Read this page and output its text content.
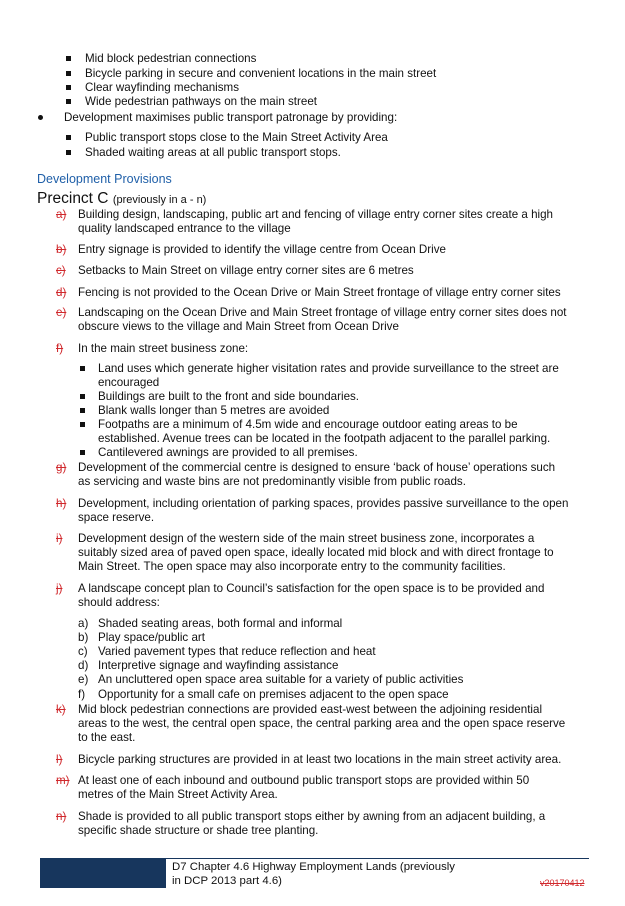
Mid block pedestrian connections
Bicycle parking in secure and convenient locations in the main street
Clear wayfinding mechanisms
Wide pedestrian pathways on the main street
Development maximises public transport patronage by providing:
Public transport stops close to the Main Street Activity Area
Shaded waiting areas at all public transport stops.
Development Provisions
Precinct C (previously in a - n)
a) Building design, landscaping, public art and fencing of village entry corner sites create a high
quality landscaped entrance to the village
b) Entry signage is provided to identify the village centre from Ocean Drive
c) Setbacks to Main Street on village entry corner sites are 6 metres
d) Fencing is not provided to the Ocean Drive or Main Street frontage of village entry corner sites
e) Landscaping on the Ocean Drive and Main Street frontage of village entry corner sites does not
obscure views to the village and Main Street from Ocean Drive
f) In the main street business zone:
Land uses which generate higher visitation rates and provide surveillance to the street are
encouraged
Buildings are built to the front and side boundaries.
Blank walls longer than 5 metres are avoided
Footpaths are a minimum of 4.5m wide and encourage outdoor eating areas to be
established. Avenue trees can be located in the footpath adjacent to the parallel parking.
Cantilevered awnings are provided to all premises.
g) Development of the commercial centre is designed to ensure ‘back of house’ operations such
as servicing and waste bins are not predominantly visible from public roads.
h) Development, including orientation of parking spaces, provides passive surveillance to the open
space reserve.
i) Development design of the western side of the main street business zone, incorporates a
suitably sized area of paved open space, ideally located mid block and with direct frontage to
Main Street. The open space may also incorporate entry to the community facilities.
j) A landscape concept plan to Council’s satisfaction for the open space is to be provided and
should address:
a) Shaded seating areas, both formal and informal
b) Play space/public art
c) Varied pavement types that reduce reflection and heat
d) Interpretive signage and wayfinding assistance
e) An uncluttered open space area suitable for a variety of public activities
f) Opportunity for a small cafe on premises adjacent to the open space
k) Mid block pedestrian connections are provided east-west between the adjoining residential
areas to the west, the central open space, the central parking area and the open space reserve
to the east.
l) Bicycle parking structures are provided in at least two locations in the main street activity area.
m) At least one of each inbound and outbound public transport stops are provided within 50
metres of the Main Street Activity Area.
n) Shade is provided to all public transport stops either by awning from an adjacent building, a
specific shade structure or shade tree planting.
D7 Chapter 4.6 Highway Employment Lands (previously
in DCP 2013 part 4.6)	v20170412
